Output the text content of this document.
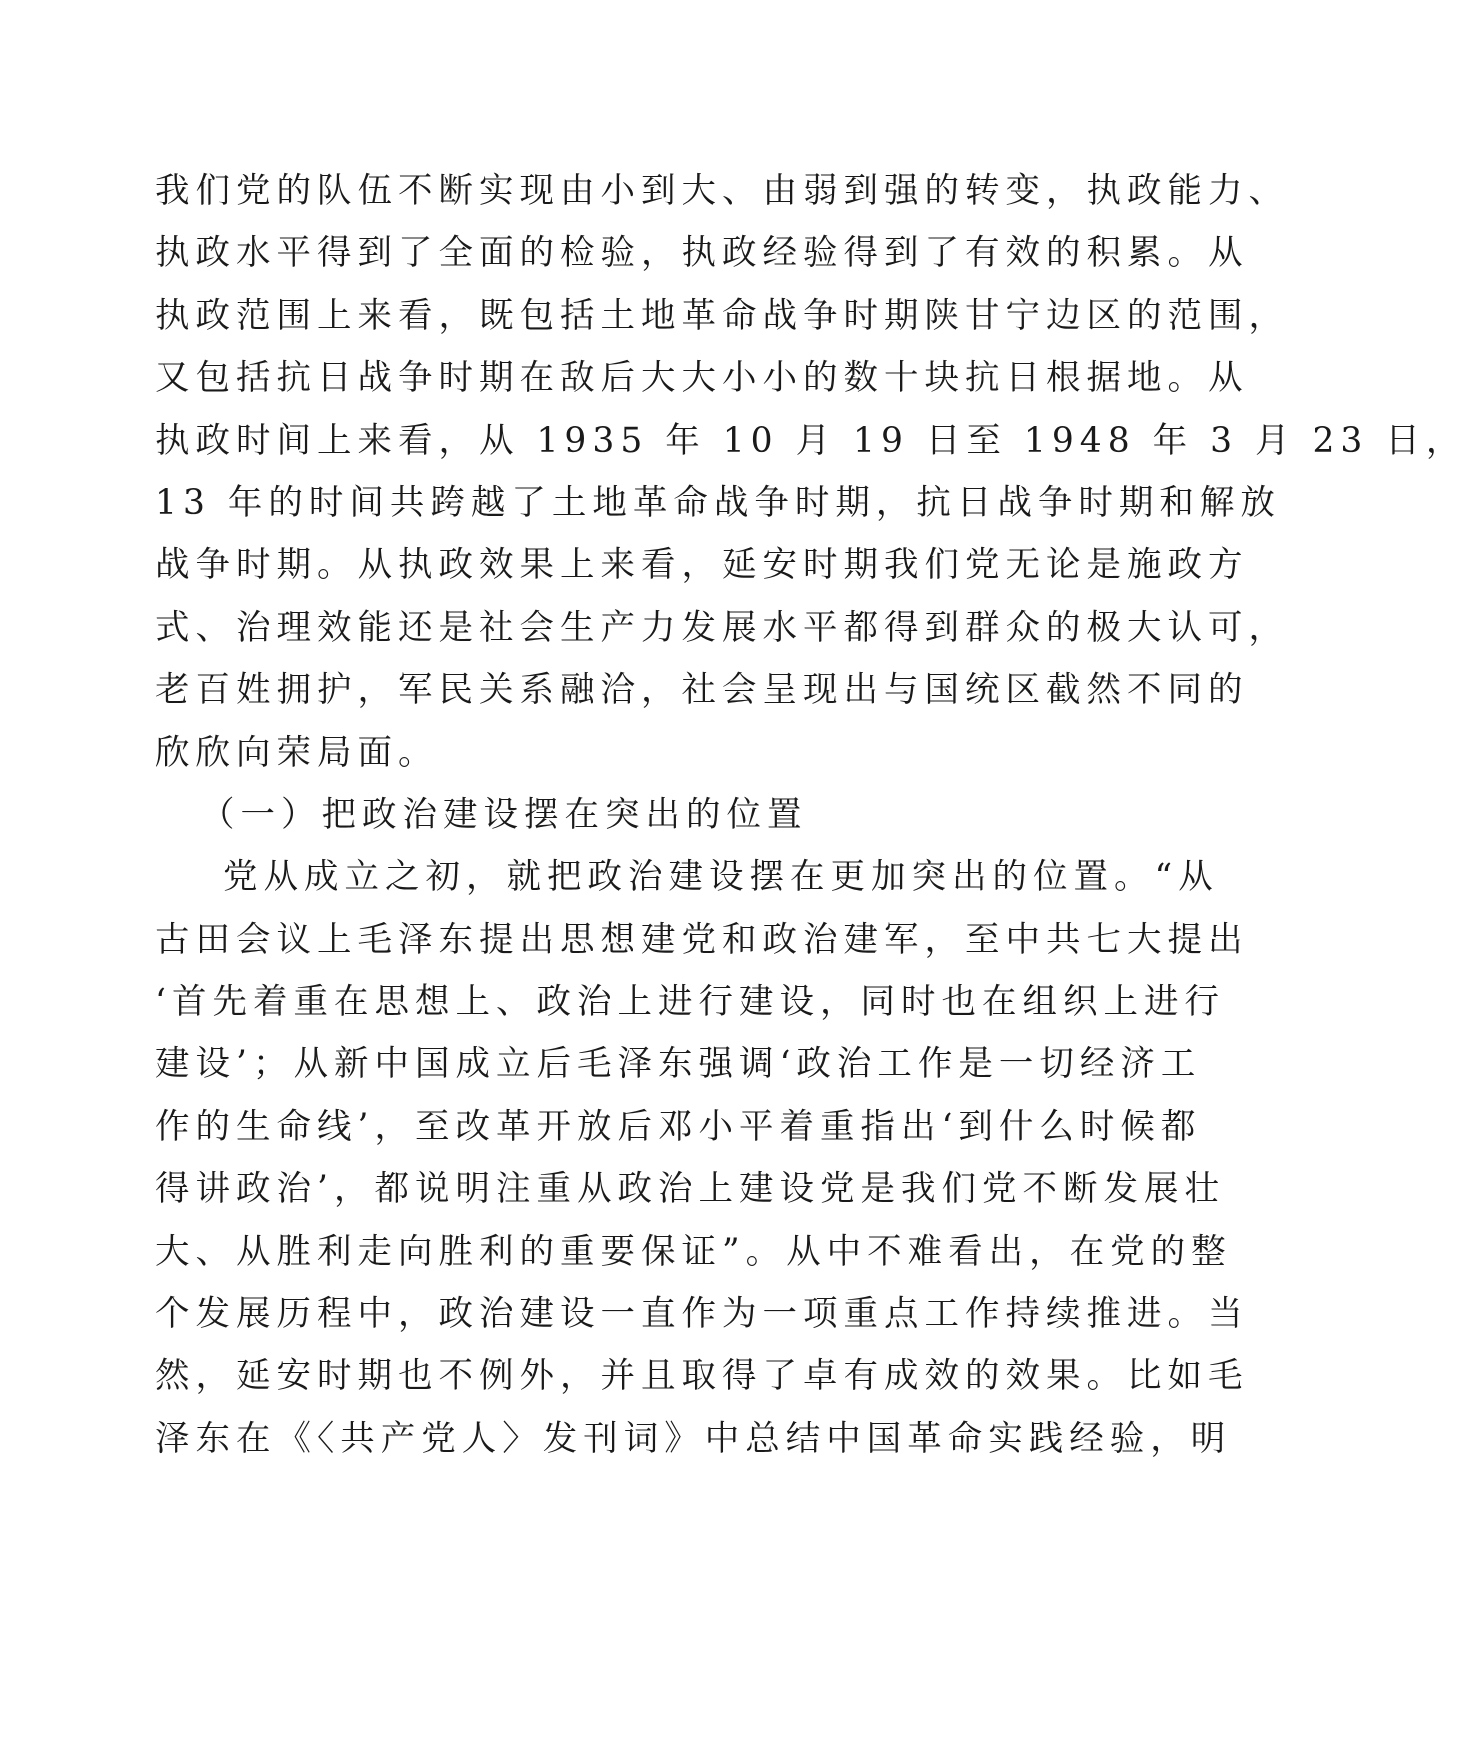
我们党的队伍不断实现由小到大、由弱到强的转变，执政能力、
执政水平得到了全面的检验，执政经验得到了有效的积累。从
执政范围上来看，既包括土地革命战争时期陕甘宁边区的范围，
又包括抗日战争时期在敌后大大小小的数十块抗日根据地。从
执政时间上来看，从 1935 年 10 月 19 日至 1948 年 3 月 23 日，
13 年的时间共跨越了土地革命战争时期，抗日战争时期和解放
战争时期。从执政效果上来看，延安时期我们党无论是施政方
式、治理效能还是社会生产力发展水平都得到群众的极大认可，
老百姓拥护，军民关系融洽，社会呈现出与国统区截然不同的
欣欣向荣局面。
（一）把政治建设摆在突出的位置
党从成立之初，就把政治建设摆在更加突出的位置。“从
古田会议上毛泽东提出思想建党和政治建军，至中共七大提出
‘首先着重在思想上、政治上进行建设，同时也在组织上进行
建设’；从新中国成立后毛泽东强调‘政治工作是一切经济工
作的生命线’，至改革开放后邓小平着重指出‘到什么时候都
得讲政治’，都说明注重从政治上建设党是我们党不断发展壮
大、从胜利走向胜利的重要保证”。从中不难看出，在党的整
个发展历程中，政治建设一直作为一项重点工作持续推进。当
然，延安时期也不例外，并且取得了卓有成效的效果。比如毛
泽东在《〈共产党人〉发刊词》中总结中国革命实践经验，明
